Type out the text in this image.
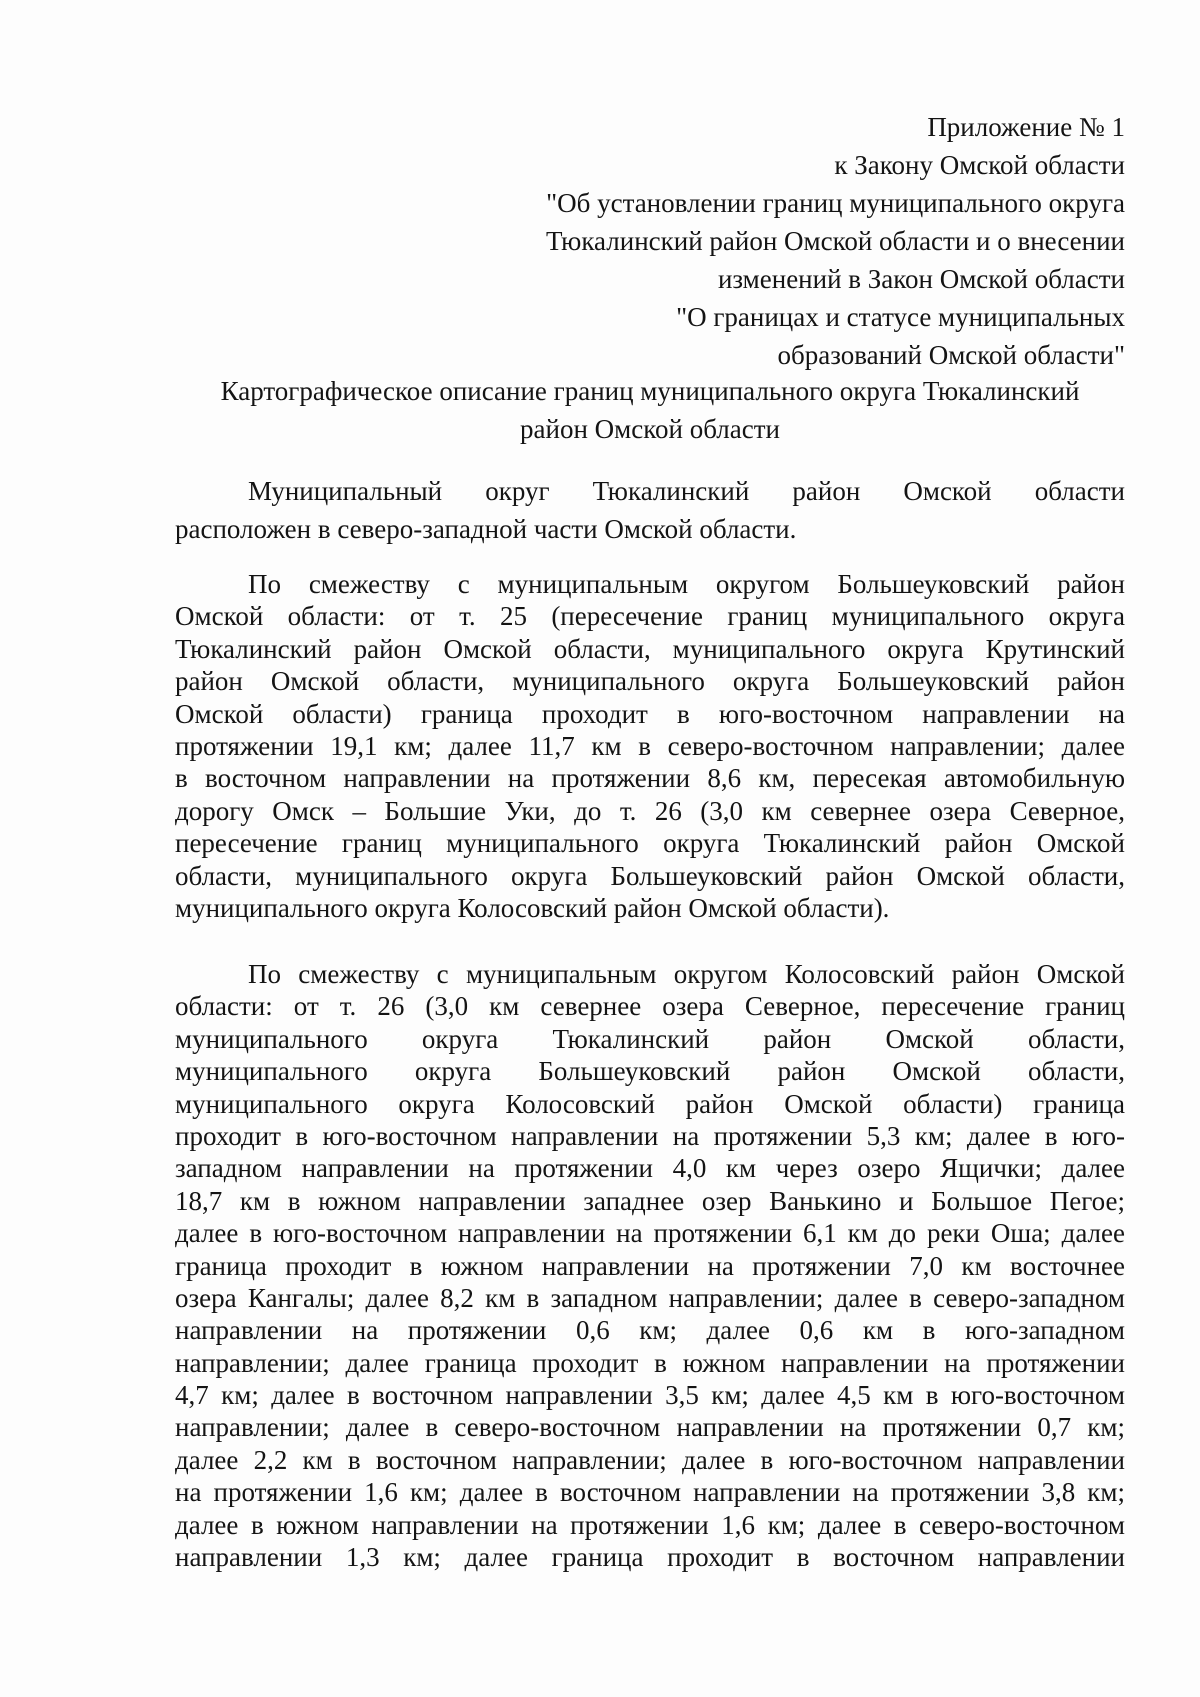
Приложение № 1
к Закону Омской области
"Об установлении границ муниципального округа
Тюкалинский район Омской области и о внесении
изменений в Закон Омской области
"О границах и статусе муниципальных
образований Омской области"
Картографическое описание границ муниципального округа Тюкалинский
район Омской области
Муниципальный округ Тюкалинский район Омской области
расположен в северо-западной части Омской области.
По смежеству с муниципальным округом Большеуковский район
Омской области: от т. 25 (пересечение границ муниципального округа
Тюкалинский район Омской области, муниципального округа Крутинский
район Омской области, муниципального округа Большеуковский район
Омской области) граница проходит в юго-восточном направлении на
протяжении 19,1 км; далее 11,7 км в северо-восточном направлении; далее
в восточном направлении на протяжении 8,6 км, пересекая автомобильную
дорогу Омск – Большие Уки, до т. 26 (3,0 км севернее озера Северное,
пересечение границ муниципального округа Тюкалинский район Омской
области, муниципального округа Большеуковский район Омской области,
муниципального округа Колосовский район Омской области).
По смежеству с муниципальным округом Колосовский район Омской
области: от т. 26 (3,0 км севернее озера Северное, пересечение границ
муниципального округа Тюкалинский район Омской области,
муниципального округа Большеуковский район Омской области,
муниципального округа Колосовский район Омской области) граница
проходит в юго-восточном направлении на протяжении 5,3 км; далее в юго-
западном направлении на протяжении 4,0 км через озеро Ящички; далее
18,7 км в южном направлении западнее озер Ванькино и Большое Пегое;
далее в юго-восточном направлении на протяжении 6,1 км до реки Оша; далее
граница проходит в южном направлении на протяжении 7,0 км восточнее
озера Кангалы; далее 8,2 км в западном направлении; далее в северо-западном
направлении на протяжении 0,6 км; далее 0,6 км в юго-западном
направлении; далее граница проходит в южном направлении на протяжении
4,7 км; далее в восточном направлении 3,5 км; далее 4,5 км в юго-восточном
направлении; далее в северо-восточном направлении на протяжении 0,7 км;
далее 2,2 км в восточном направлении; далее в юго-восточном направлении
на протяжении 1,6 км; далее в восточном направлении на протяжении 3,8 км;
далее в южном направлении на протяжении 1,6 км; далее в северо-восточном
направлении 1,3 км; далее граница проходит в восточном направлении
